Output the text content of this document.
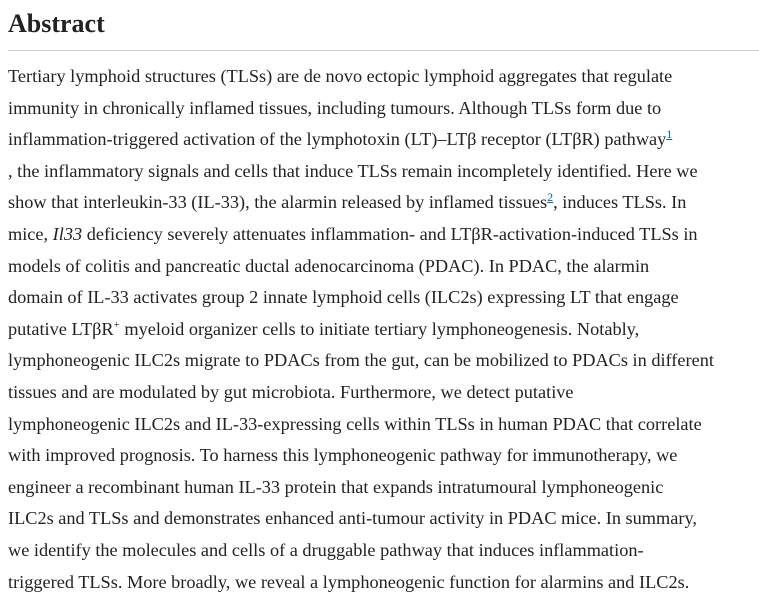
Abstract

Tertiary lymphoid structures (TLSs) are de novo ectopic lymphoid aggregates that regulate
immunity in chronically inflamed tissues, including tumours. Although TLSs form due to
inflammation-triggered activation of the lymphotoxin (LT)–LTβ receptor (LTβR) pathway$^1$
, the inflammatory signals and cells that induce TLSs remain incompletely identified. Here we
show that interleukin-33 (IL-33), the alarmin released by inflamed tissues$^2$, induces TLSs. In
mice, Il33 deficiency severely attenuates inflammation- and LTβR-activation-induced TLSs in
models of colitis and pancreatic ductal adenocarcinoma (PDAC). In PDAC, the alarmin
domain of IL-33 activates group 2 innate lymphoid cells (ILC2s) expressing LT that engage
putative LTβR+ myeloid organizer cells to initiate tertiary lymphoneogenesis. Notably,
lymphoneogenic ILC2s migrate to PDACs from the gut, can be mobilized to PDACs in different
tissues and are modulated by gut microbiota. Furthermore, we detect putative
lymphoneogenic ILC2s and IL-33-expressing cells within TLSs in human PDAC that correlate
with improved prognosis. To harness this lymphoneogenic pathway for immunotherapy, we
engineer a recombinant human IL-33 protein that expands intratumoural lymphoneogenic
ILC2s and TLSs and demonstrates enhanced anti-tumour activity in PDAC mice. In summary,
we identify the molecules and cells of a druggable pathway that induces inflammation-
triggered TLSs. More broadly, we reveal a lymphoneogenic function for alarmins and ILC2s.
